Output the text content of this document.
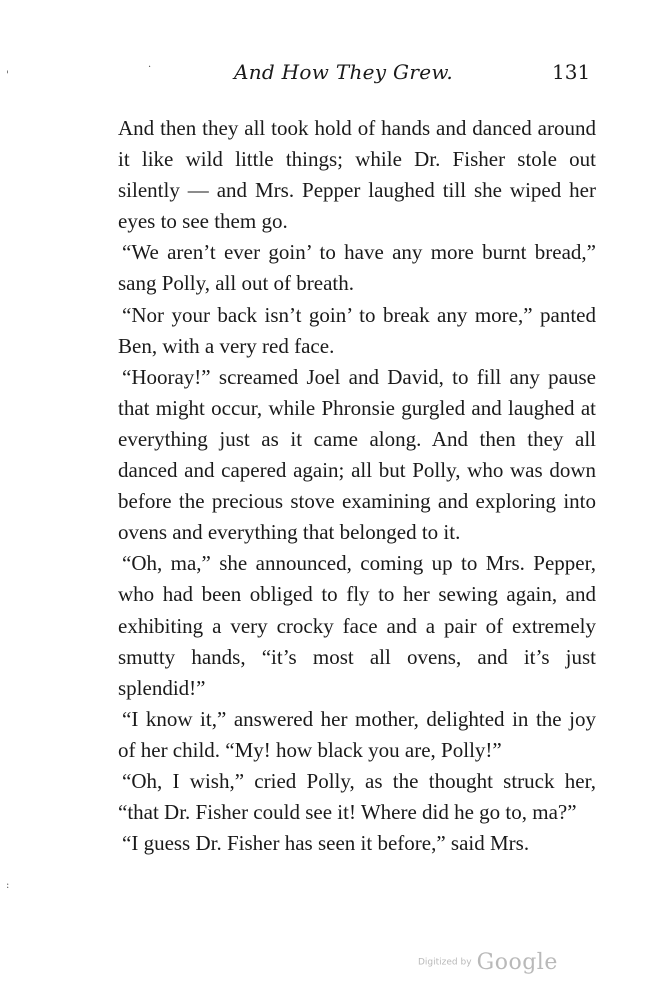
And How They Grew.	131
'
·
:

And then they all took hold of hands and danced around it like wild little things; while Dr. Fisher stole out silently — and Mrs. Pepper laughed till she wiped her eyes to see them go.

“We aren’t ever goin’ to have any more burnt bread,” sang Polly, all out of breath.

“Nor your back isn’t goin’ to break any more,” panted Ben, with a very red face.

“Hooray!” screamed Joel and David, to fill any pause that might occur, while Phronsie gurgled and laughed at everything just as it came along. And then they all danced and capered again; all but Polly, who was down before the precious stove examining and exploring into ovens and everything that belonged to it.

“Oh, ma,” she announced, coming up to Mrs. Pepper, who had been obliged to fly to her sewing again, and exhibiting a very crocky face and a pair of extremely smutty hands, “it’s most all ovens, and it’s just splendid!”

“I know it,” answered her mother, delighted in the joy of her child. “My! how black you are, Polly!”

“Oh, I wish,” cried Polly, as the thought struck her, “that Dr. Fisher could see it! Where did he go to, ma?”

“I guess Dr. Fisher has seen it before,” said Mrs.

Digitized by Google
